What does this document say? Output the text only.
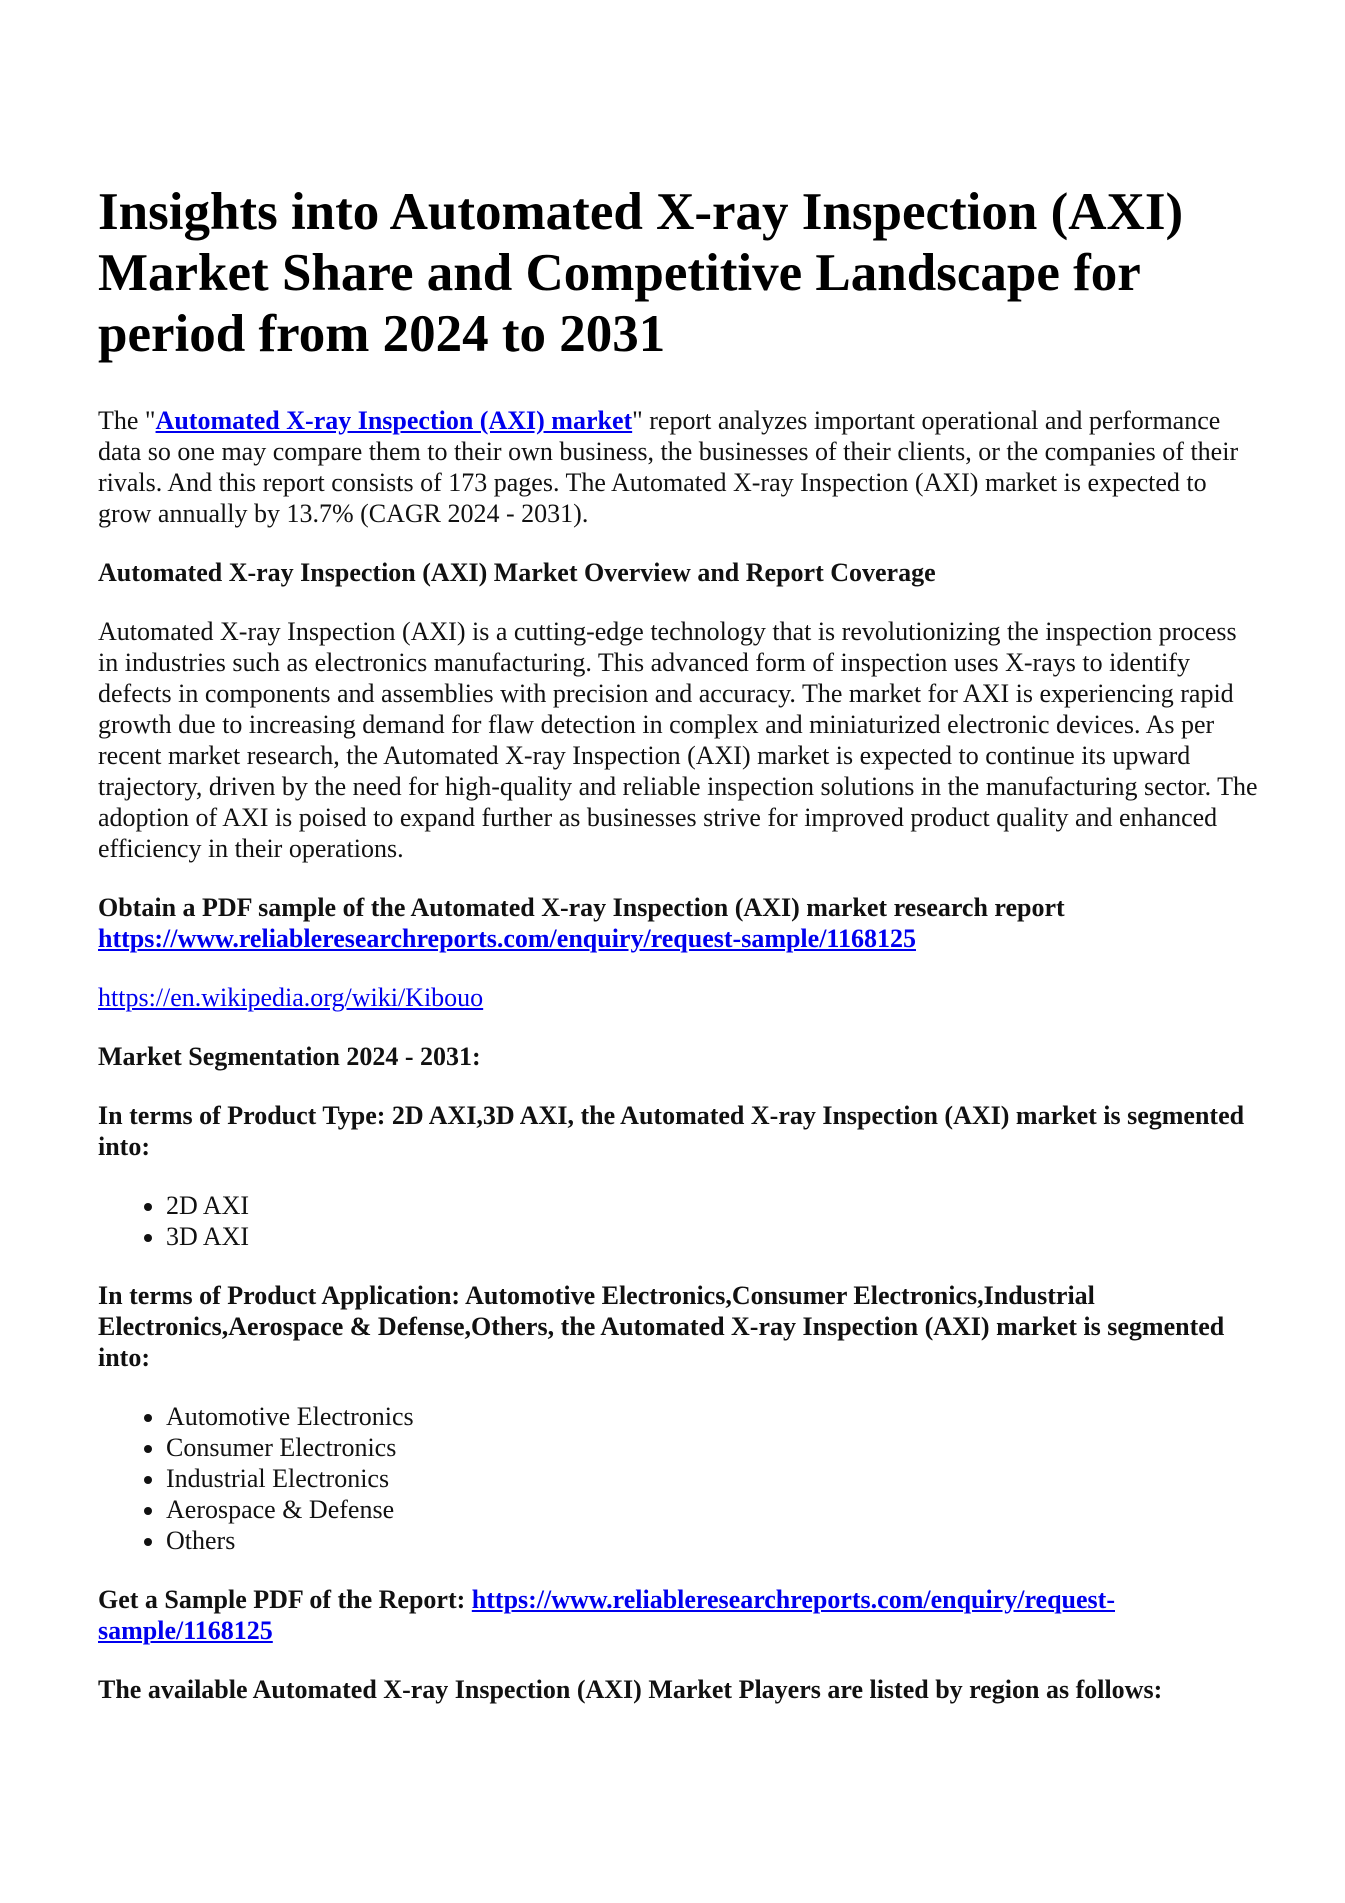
Insights into Automated X-ray Inspection (AXI) Market Share and Competitive Landscape for period from 2024 to 2031

The "Automated X-ray Inspection (AXI) market" report analyzes important operational and performance data so one may compare them to their own business, the businesses of their clients, or the companies of their rivals. And this report consists of 173 pages. The Automated X-ray Inspection (AXI) market is expected to grow annually by 13.7% (CAGR 2024 - 2031).

Automated X-ray Inspection (AXI) Market Overview and Report Coverage

Automated X-ray Inspection (AXI) is a cutting-edge technology that is revolutionizing the inspection process in industries such as electronics manufacturing. This advanced form of inspection uses X-rays to identify defects in components and assemblies with precision and accuracy. The market for AXI is experiencing rapid growth due to increasing demand for flaw detection in complex and miniaturized electronic devices. As per recent market research, the Automated X-ray Inspection (AXI) market is expected to continue its upward trajectory, driven by the need for high-quality and reliable inspection solutions in the manufacturing sector. The adoption of AXI is poised to expand further as businesses strive for improved product quality and enhanced efficiency in their operations.

Obtain a PDF sample of the Automated X-ray Inspection (AXI) market research report https://www.reliableresearchreports.com/enquiry/request-sample/1168125

https://en.wikipedia.org/wiki/Kibouo

Market Segmentation 2024 - 2031:

In terms of Product Type: 2D AXI,3D AXI, the Automated X-ray Inspection (AXI) market is segmented into:

• 2D AXI
• 3D AXI

In terms of Product Application: Automotive Electronics,Consumer Electronics,Industrial Electronics,Aerospace & Defense,Others, the Automated X-ray Inspection (AXI) market is segmented into:

• Automotive Electronics
• Consumer Electronics
• Industrial Electronics
• Aerospace & Defense
• Others

Get a Sample PDF of the Report: https://www.reliableresearchreports.com/enquiry/request-sample/1168125

The available Automated X-ray Inspection (AXI) Market Players are listed by region as follows:
